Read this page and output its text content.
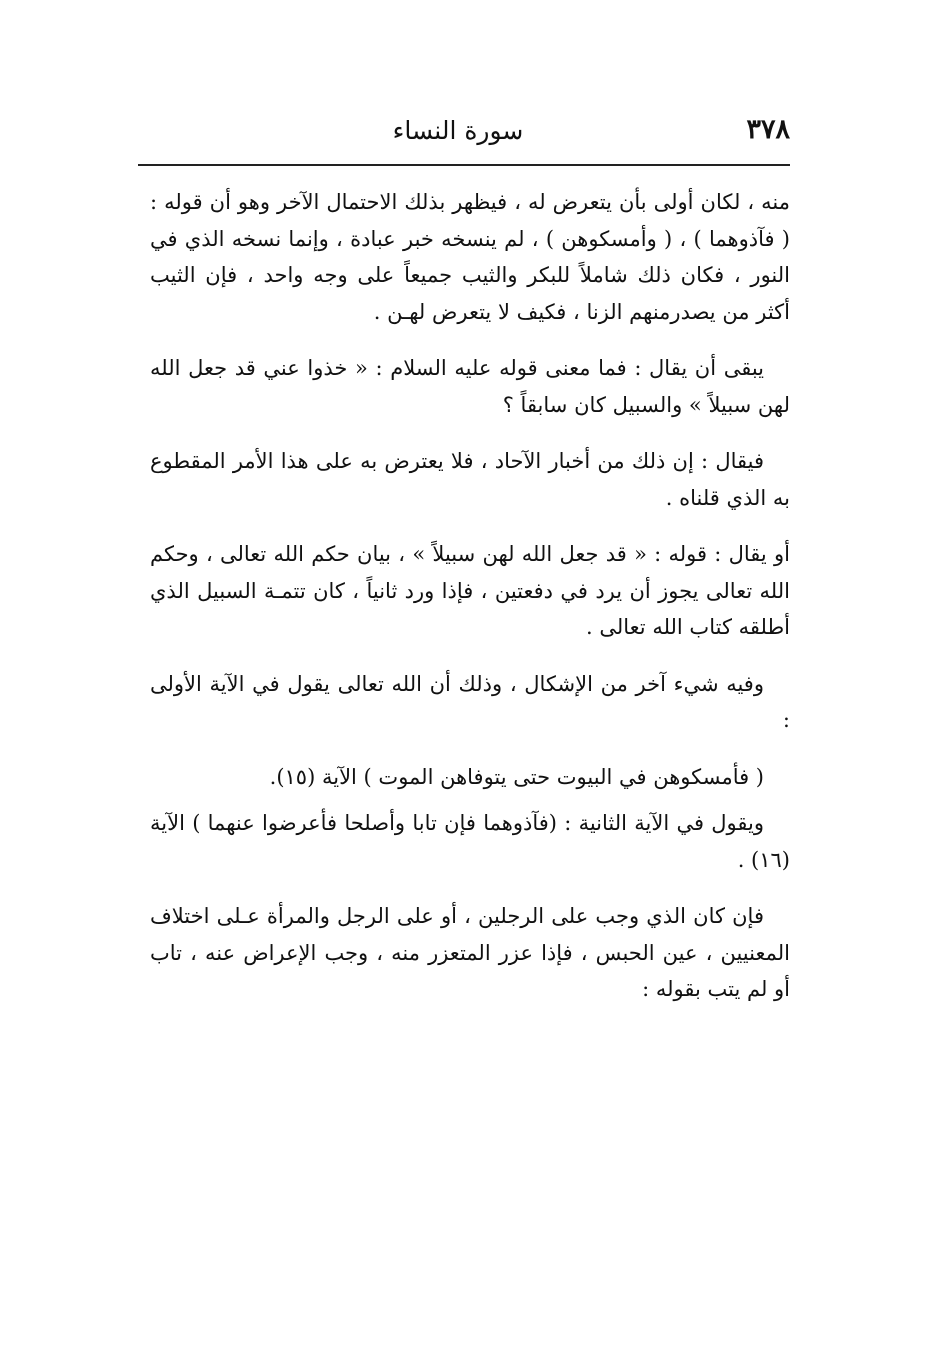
٣٧٨
سورة النساء

منه ، لكان أولى بأن يتعرض له ، فيظهر بذلك الاحتمال الآخر وهو أن قوله : ( فآذوهما ) ، ( وأمسكوهن ) ، لم ينسخه خبر عبادة ، وإنما نسخه الذي في النور ، فكان ذلك شاملاً للبكر والثيب جميعاً على وجه واحد ، فإن الثيب أكثر من يصدرمنهم الزنا ، فكيف لا يتعرض لهـن .

يبقى أن يقال : فما معنى قوله عليه السلام : « خذوا عني قد جعل الله لهن سبيلاً » والسبيل كان سابقاً ؟

فيقال : إن ذلك من أخبار الآحاد ، فلا يعترض به على هذا الأمر المقطوع به الذي قلناه .

أو يقال : قوله : « قد جعل الله لهن سبيلاً » ، بيان حكم الله تعالى ، وحكم الله تعالى يجوز أن يرد في دفعتين ، فإذا ورد ثانياً ، كان تتمـة السبيل الذي أطلقه كتاب الله تعالى .

وفيه شيء آخر من الإشكال ، وذلك أن الله تعالى يقول في الآية الأولى :

( فأمسكوهن في البيوت حتى يتوفاهن الموت ) الآية (١٥).

ويقول في الآية الثانية : (فآذوهما فإن تابا وأصلحا فأعرضوا عنهما ) الآية (١٦) .

فإن كان الذي وجب على الرجلين ، أو على الرجل والمرأة عـلى اختلاف المعنيين ، عين الحبس ، فإذا عزر المتعزر منه ، وجب الإعراض عنه ، تاب أو لم يتب بقوله :
